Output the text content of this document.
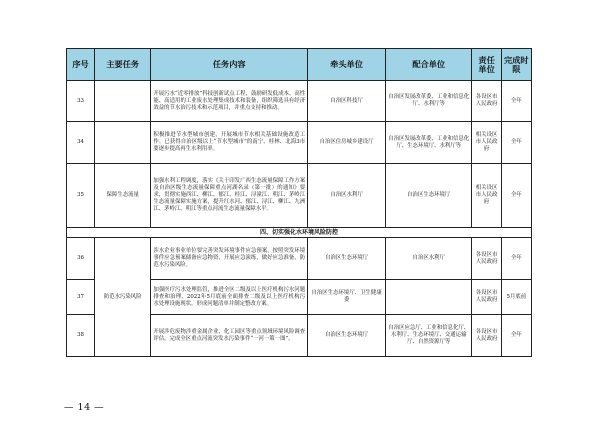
序号	主要任务	任务内容	牵头单位	配合单位	责任单位	完成时限
33		开展污水“近零排放”科技创新试点工程，鼓励研发低成本、高性能、高适用的工业废水处理集成技术和装备，组织筛选具有经济效益的节水治污技术和示范项目，并重点支持和推动。	自治区科技厅	自治区发展改革委、工业和信息化厅、水利厅等	各设区市人民政府	全年
34		积极推进节水型城市创建，开展城市节水相关基础设施改造工作。已获得自治区级以上“节水型城市”的南宁、桂林、北海3市要逐步提高再生水利用率。	自治区住房城乡建设厅	自治区发展改革委、工业和信息化厅、生态环境厅、水利厅等	相关设区市人民政府	全年
35	保障生态流量	加强水利工程调度，落实《关于印发广西生态流量保障工作方案及自治区级生态流量保障重点河湖名录（第一批）的通知》要求，贯彻实施西江、柳江、郁江、桂江、浔潼江、明江、茅岭江生态流量保障实施方案，提升红水河、郁江、浔江、柳江、九洲江、茅岭江、明江等重点河流生态流量保障水平。	自治区水利厅	自治区生态环境厅	相关设区市人民政府	全年
四、切实强化水环境风险防控						
36	防范水污染风险	涉水企业事业单位要完善突发环境事件应急预案，按照突发环境事件应急预案储备应急物资，开展应急演练，做好应急准备，防范水污染风险。	自治区生态环境厅	自治区水利厅	各设区市人民政府	全年
37		加强医疗污水处理监管，推进全区二级及以上医疗机构污水问题排查和治理，2022年5月底前全面排查二级及以上医疗机构污水处理设施现状，形成问题清单并制定整改方案。	自治区生态环境厅、卫生健康委		各设区市人民政府	5月底前
38		开展涉危废物涉重金属企业、化工园区等重点领域环境风险调查评估，完成全区重点河流突发水污染事件“一河一策一图”。	自治区生态环境厅	自治区应急厅、工业和信息化厅、水利厅、生态环境厅、交通运输厅、自然资源厅等	各设区市人民政府	全年
— 14 —
